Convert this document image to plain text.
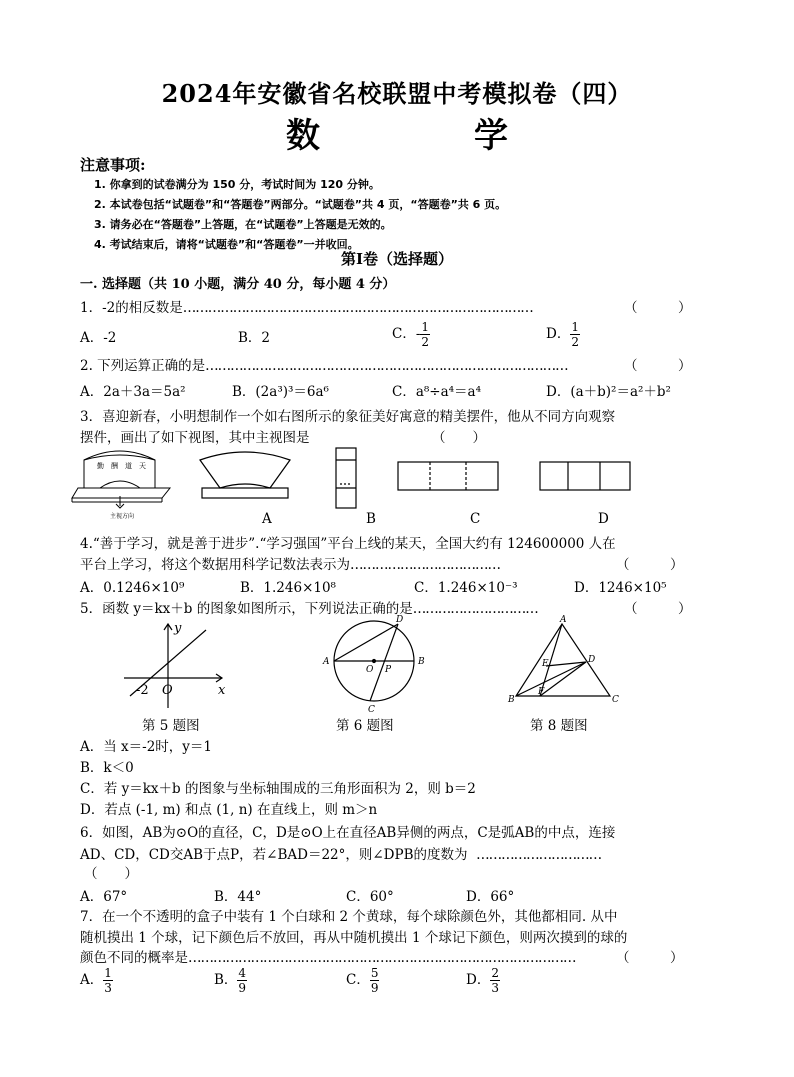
2024年安徽省名校联盟中考模拟卷（四）
数　学
注意事项:
1. 你拿到的试卷满分为 150 分，考试时间为 120 分钟。
2. 本试卷包括“试题卷”和“答题卷”两部分。“试题卷”共 4 页，“答题卷”共 6 页。
3. 请务必在“答题卷”上答题，在“试题卷”上答题是无效的。
4. 考试结束后，请将“试题卷”和“答题卷”一并收回。
第Ⅰ卷（选择题）
一. 选择题（共 10 小题，满分 40 分，每小题 4 分）
1．-2的相反数是…………………………………………………………………………	（　　　）
A．-2	B．2	C．- $\frac{1}{2}$	D． $\frac{1}{2}$
2. 下列运算正确的是……………………………………………………………………………	（　　　）
A．2a＋3a＝5a²	B．(2a³)³＝6a⁶	C．a⁸÷a⁴＝a⁴	D．(a＋b)²＝a²＋b²
3．喜迎新春，小明想制作一个如右图所示的象征美好寓意的精美摆件，他从不同方向观察
摆件，画出了如下视图，其中主视图是	（　　）
勤　酬　道　天
主视方向	A	B	C	D
4.“善于学习，就是善于进步”.“学习强国”平台上线的某天，全国大约有 124600000 人在
平台上学习，将这个数据用科学记数法表示为………………………………	（　　　）
A．0.1246×10⁹	B．1.246×10⁸	C．1.246×10⁻³	D．1246×10⁵
5．函数 y＝kx＋b 的图象如图所示，下列说法正确的是…………………………	（　　　）
y
x
O
-2
A	B
C
D
O P
A
B	C
D
E
F
第 5 题图	第 6 题图	第 8 题图
A．当 x＝-2时，y＝1
B．k＜0
C．若 y＝kx＋b 的图象与坐标轴围成的三角形面积为 2，则 b＝2
D．若点 (-1, m) 和点 (1, n) 在直线上，则 m＞n
6．如图，AB为⊙O的直径，C，D是⊙O上在直径AB异侧的两点，C是弧AB的中点，连接
AD、CD，CD交AB于点P，若∠BAD＝22°，则∠DPB的度数为 …………………………
（　　）
A．67°	B．44°	C．60°	D．66°
7．在一个不透明的盒子中装有 1 个白球和 2 个黄球，每个球除颜色外，其他都相同. 从中
随机摸出 1 个球，记下颜色后不放回，再从中随机摸出 1 个球记下颜色，则两次摸到的球的
颜色不同的概率是…………………………………………………………………………………	（　　　）
A． $\frac{1}{3}$	B． $\frac{4}{9}$	C． $\frac{5}{9}$	D． $\frac{2}{3}$
